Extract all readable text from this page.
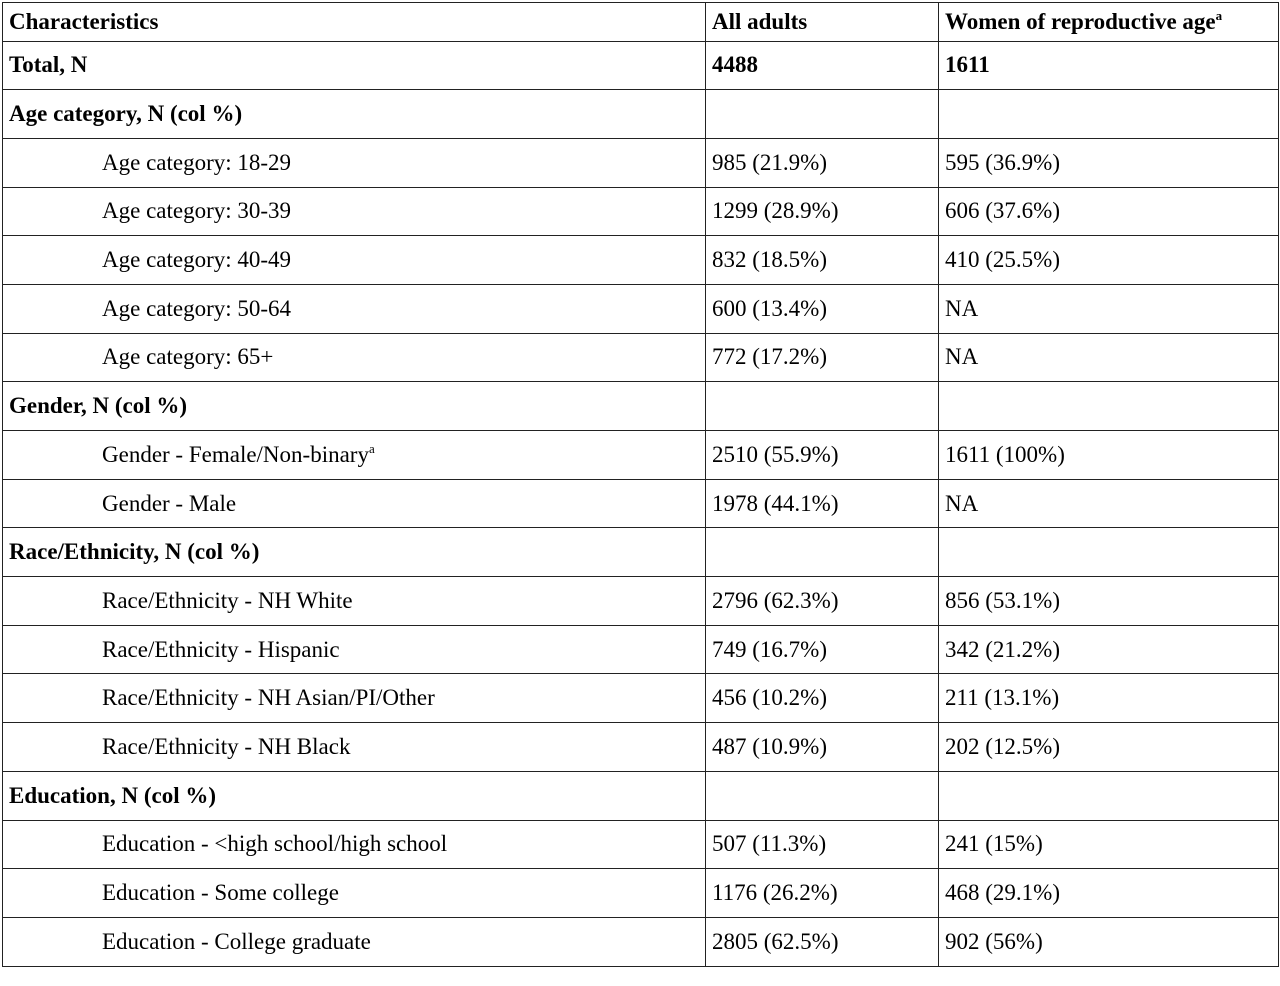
Characteristics	All adults	Women of reproductive age$^a$
Total, N	4488	1611
Age category, N (col %)		
Age category: 18-29	985 (21.9%)	595 (36.9%)
Age category: 30-39	1299 (28.9%)	606 (37.6%)
Age category: 40-49	832 (18.5%)	410 (25.5%)
Age category: 50-64	600 (13.4%)	NA
Age category: 65+	772 (17.2%)	NA
Gender, N (col %)		
Gender - Female/Non-binary$^a$	2510 (55.9%)	1611 (100%)
Gender - Male	1978 (44.1%)	NA
Race/Ethnicity, N (col %)		
Race/Ethnicity - NH White	2796 (62.3%)	856 (53.1%)
Race/Ethnicity - Hispanic	749 (16.7%)	342 (21.2%)
Race/Ethnicity - NH Asian/PI/Other	456 (10.2%)	211 (13.1%)
Race/Ethnicity - NH Black	487 (10.9%)	202 (12.5%)
Education, N (col %)		
Education - <high school/high school	507 (11.3%)	241 (15%)
Education - Some college	1176 (26.2%)	468 (29.1%)
Education - College graduate	2805 (62.5%)	902 (56%)
